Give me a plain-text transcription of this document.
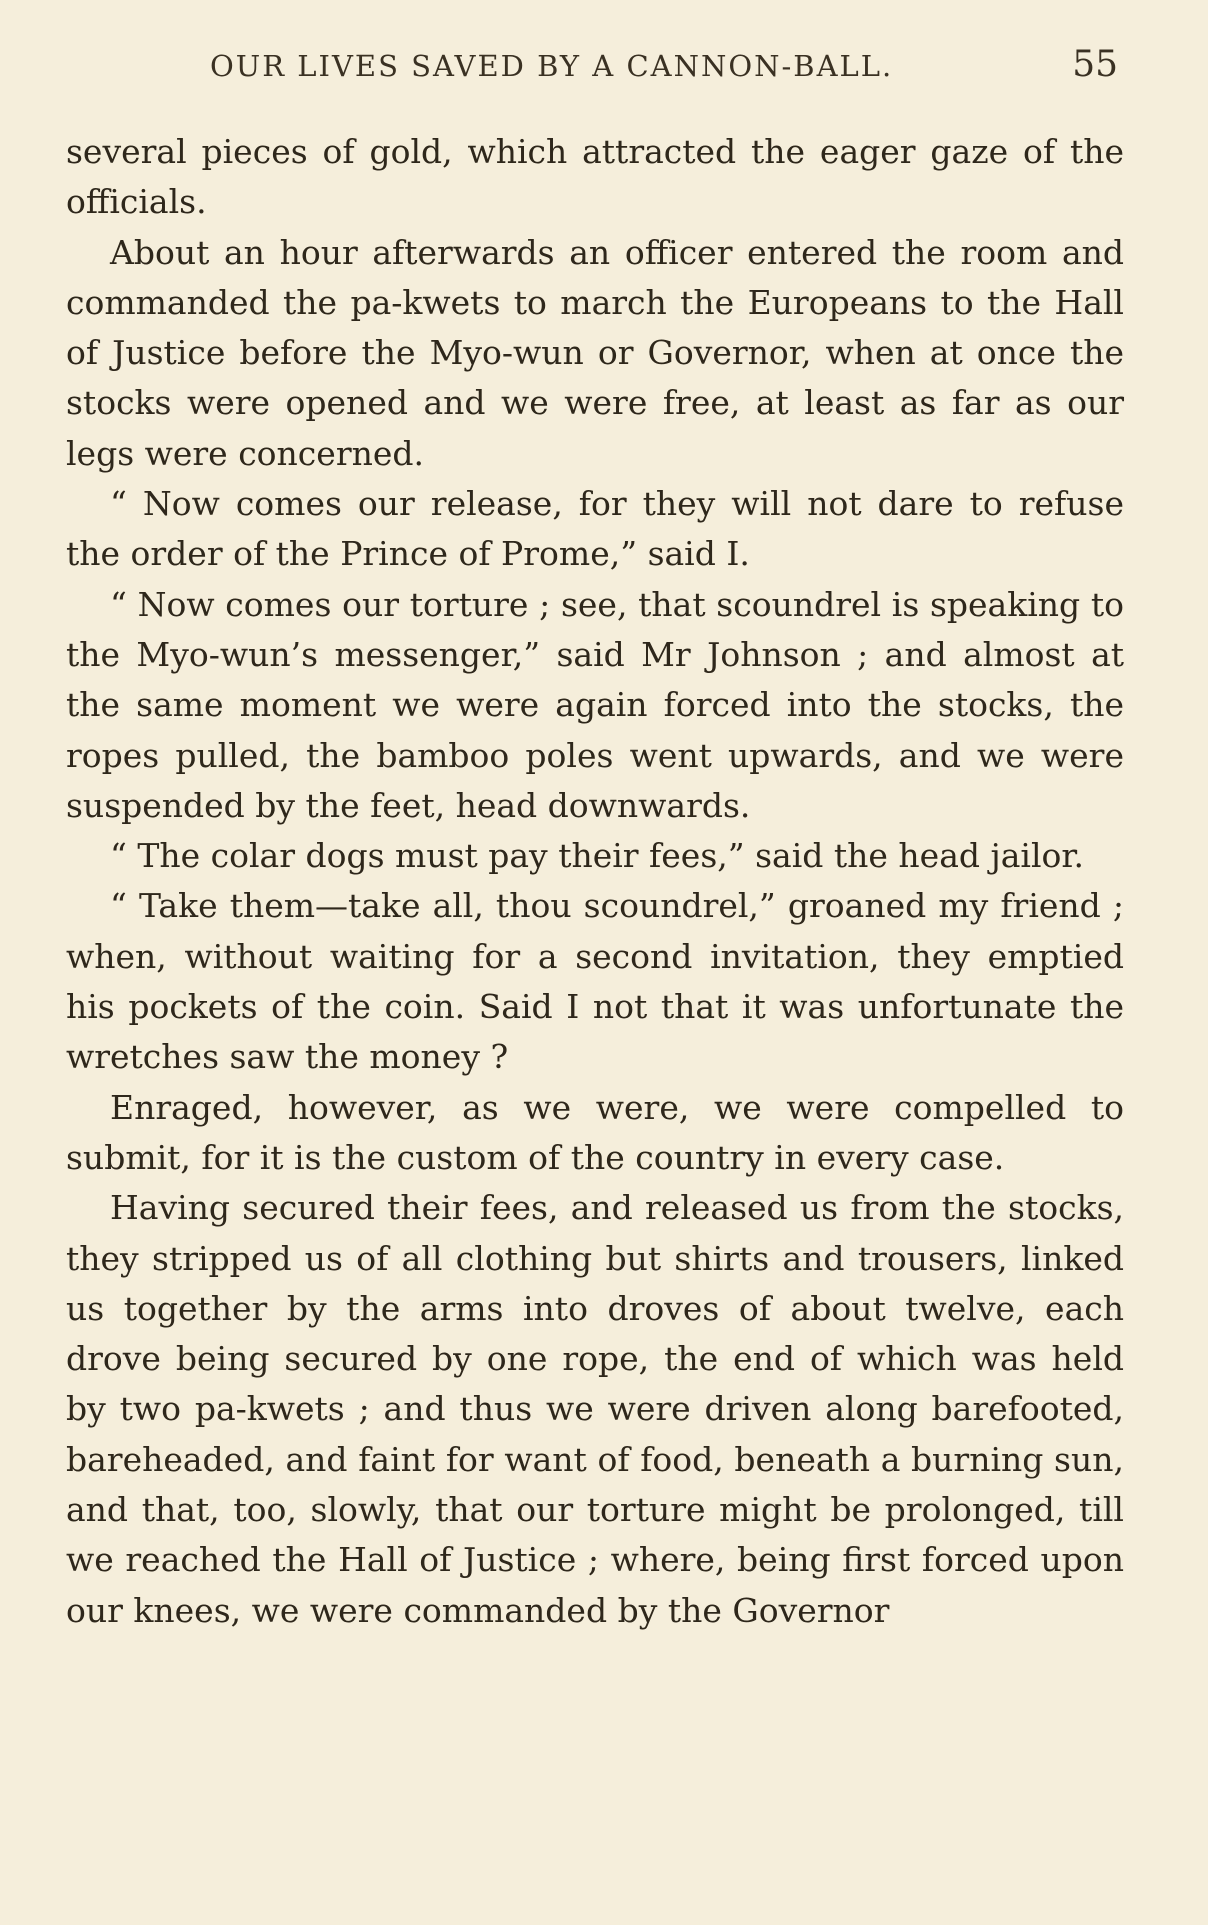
OUR LIVES SAVED BY A CANNON-BALL.	55

several pieces of gold, which attracted the eager gaze of the officials.

About an hour afterwards an officer entered the room and commanded the pa-kwets to march the Europeans to the Hall of Justice before the Myo-wun or Governor, when at once the stocks were opened and we were free, at least as far as our legs were concerned.

“ Now comes our release, for they will not dare to refuse the order of the Prince of Prome,” said I.

“ Now comes our torture ; see, that scoundrel is speaking to the Myo-wun’s messenger,” said Mr Johnson ; and almost at the same moment we were again forced into the stocks, the ropes pulled, the bamboo poles went upwards, and we were suspended by the feet, head downwards.

“ The colar dogs must pay their fees,” said the head jailor.

“ Take them—take all, thou scoundrel,” groaned my friend ; when, without waiting for a second invitation, they emptied his pockets of the coin. Said I not that it was unfortunate the wretches saw the money ?

Enraged, however, as we were, we were compelled to submit, for it is the custom of the country in every case.

Having secured their fees, and released us from the stocks, they stripped us of all clothing but shirts and trousers, linked us together by the arms into droves of about twelve, each drove being secured by one rope, the end of which was held by two pa-kwets ; and thus we were driven along barefooted, bareheaded, and faint for want of food, beneath a burning sun, and that, too, slowly, that our torture might be prolonged, till we reached the Hall of Justice ; where, being first forced upon our knees, we were commanded by the Governor
